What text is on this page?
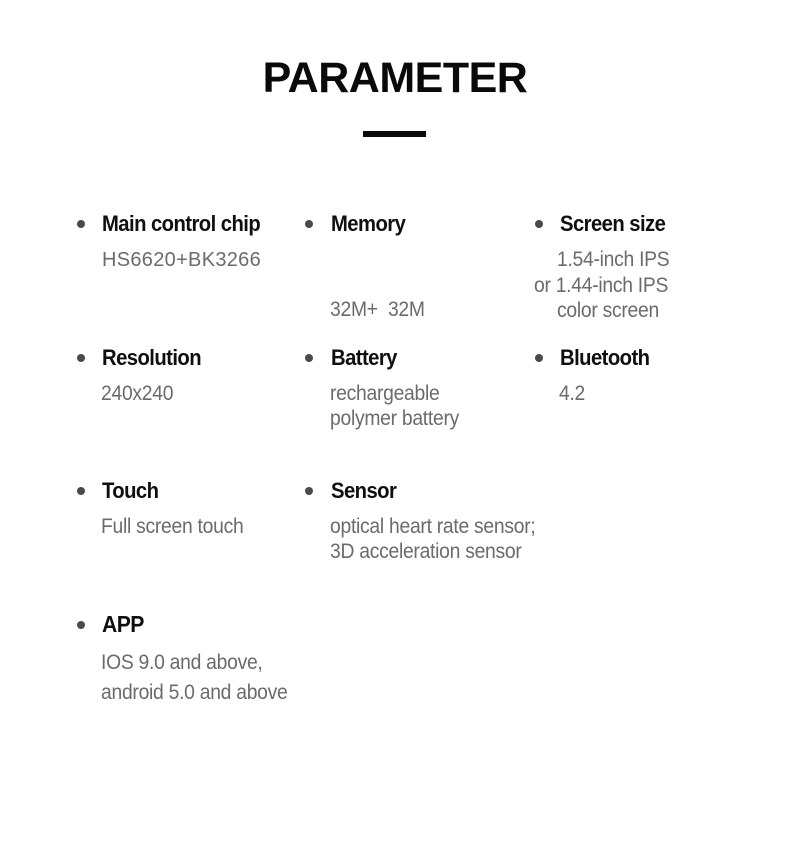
PARAMETER
Main control chip
HS6620+BK3266
Memory

32M+  32M

Screen size
1.54-inch IPS
or 1.44-inch IPS
color screen
Resolution
240x240
Battery
rechargeable
polymer battery
Bluetooth
4.2
Touch
Full screen touch
Sensor
optical heart rate sensor;
3D acceleration sensor
APP
IOS 9.0 and above,
android 5.0 and above
